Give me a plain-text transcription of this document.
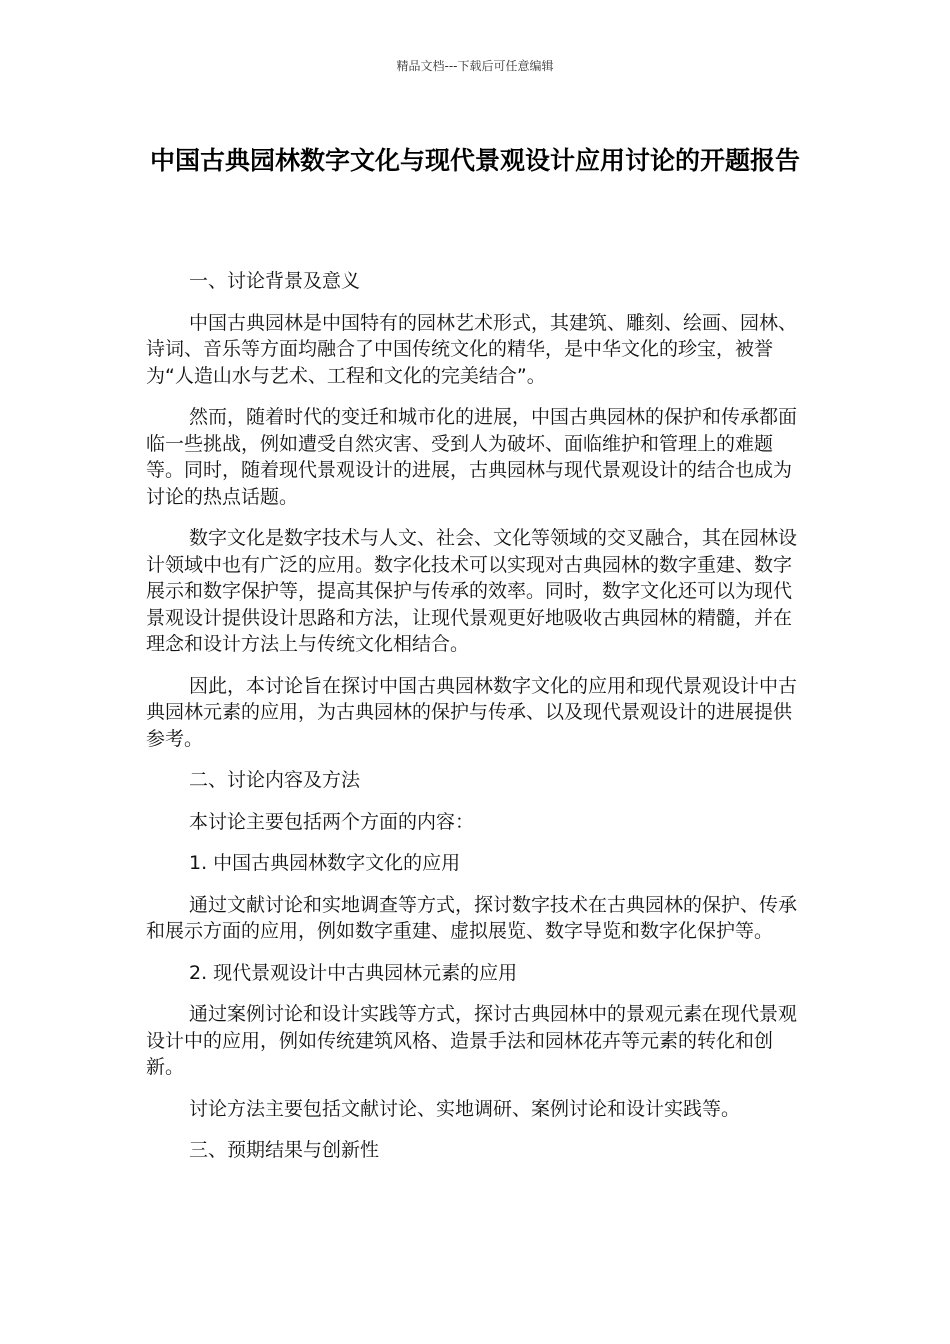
精品文档---下载后可任意编辑
中国古典园林数字文化与现代景观设计应用讨论的开题报告

一、讨论背景及意义

中国古典园林是中国特有的园林艺术形式，其建筑、雕刻、绘画、园林、诗词、音乐等方面均融合了中国传统文化的精华，是中华文化的珍宝，被誉为“人造山水与艺术、工程和文化的完美结合”。

然而，随着时代的变迁和城市化的进展，中国古典园林的保护和传承都面临一些挑战，例如遭受自然灾害、受到人为破坏、面临维护和管理上的难题等。同时，随着现代景观设计的进展，古典园林与现代景观设计的结合也成为讨论的热点话题。

数字文化是数字技术与人文、社会、文化等领域的交叉融合，其在园林设计领域中也有广泛的应用。数字化技术可以实现对古典园林的数字重建、数字展示和数字保护等，提高其保护与传承的效率。同时，数字文化还可以为现代景观设计提供设计思路和方法，让现代景观更好地吸收古典园林的精髓，并在理念和设计方法上与传统文化相结合。

因此，本讨论旨在探讨中国古典园林数字文化的应用和现代景观设计中古典园林元素的应用，为古典园林的保护与传承、以及现代景观设计的进展提供参考。

二、讨论内容及方法

本讨论主要包括两个方面的内容：

1. 中国古典园林数字文化的应用

通过文献讨论和实地调查等方式，探讨数字技术在古典园林的保护、传承和展示方面的应用，例如数字重建、虚拟展览、数字导览和数字化保护等。

2. 现代景观设计中古典园林元素的应用

通过案例讨论和设计实践等方式，探讨古典园林中的景观元素在现代景观设计中的应用，例如传统建筑风格、造景手法和园林花卉等元素的转化和创新。

讨论方法主要包括文献讨论、实地调研、案例讨论和设计实践等。

三、预期结果与创新性
